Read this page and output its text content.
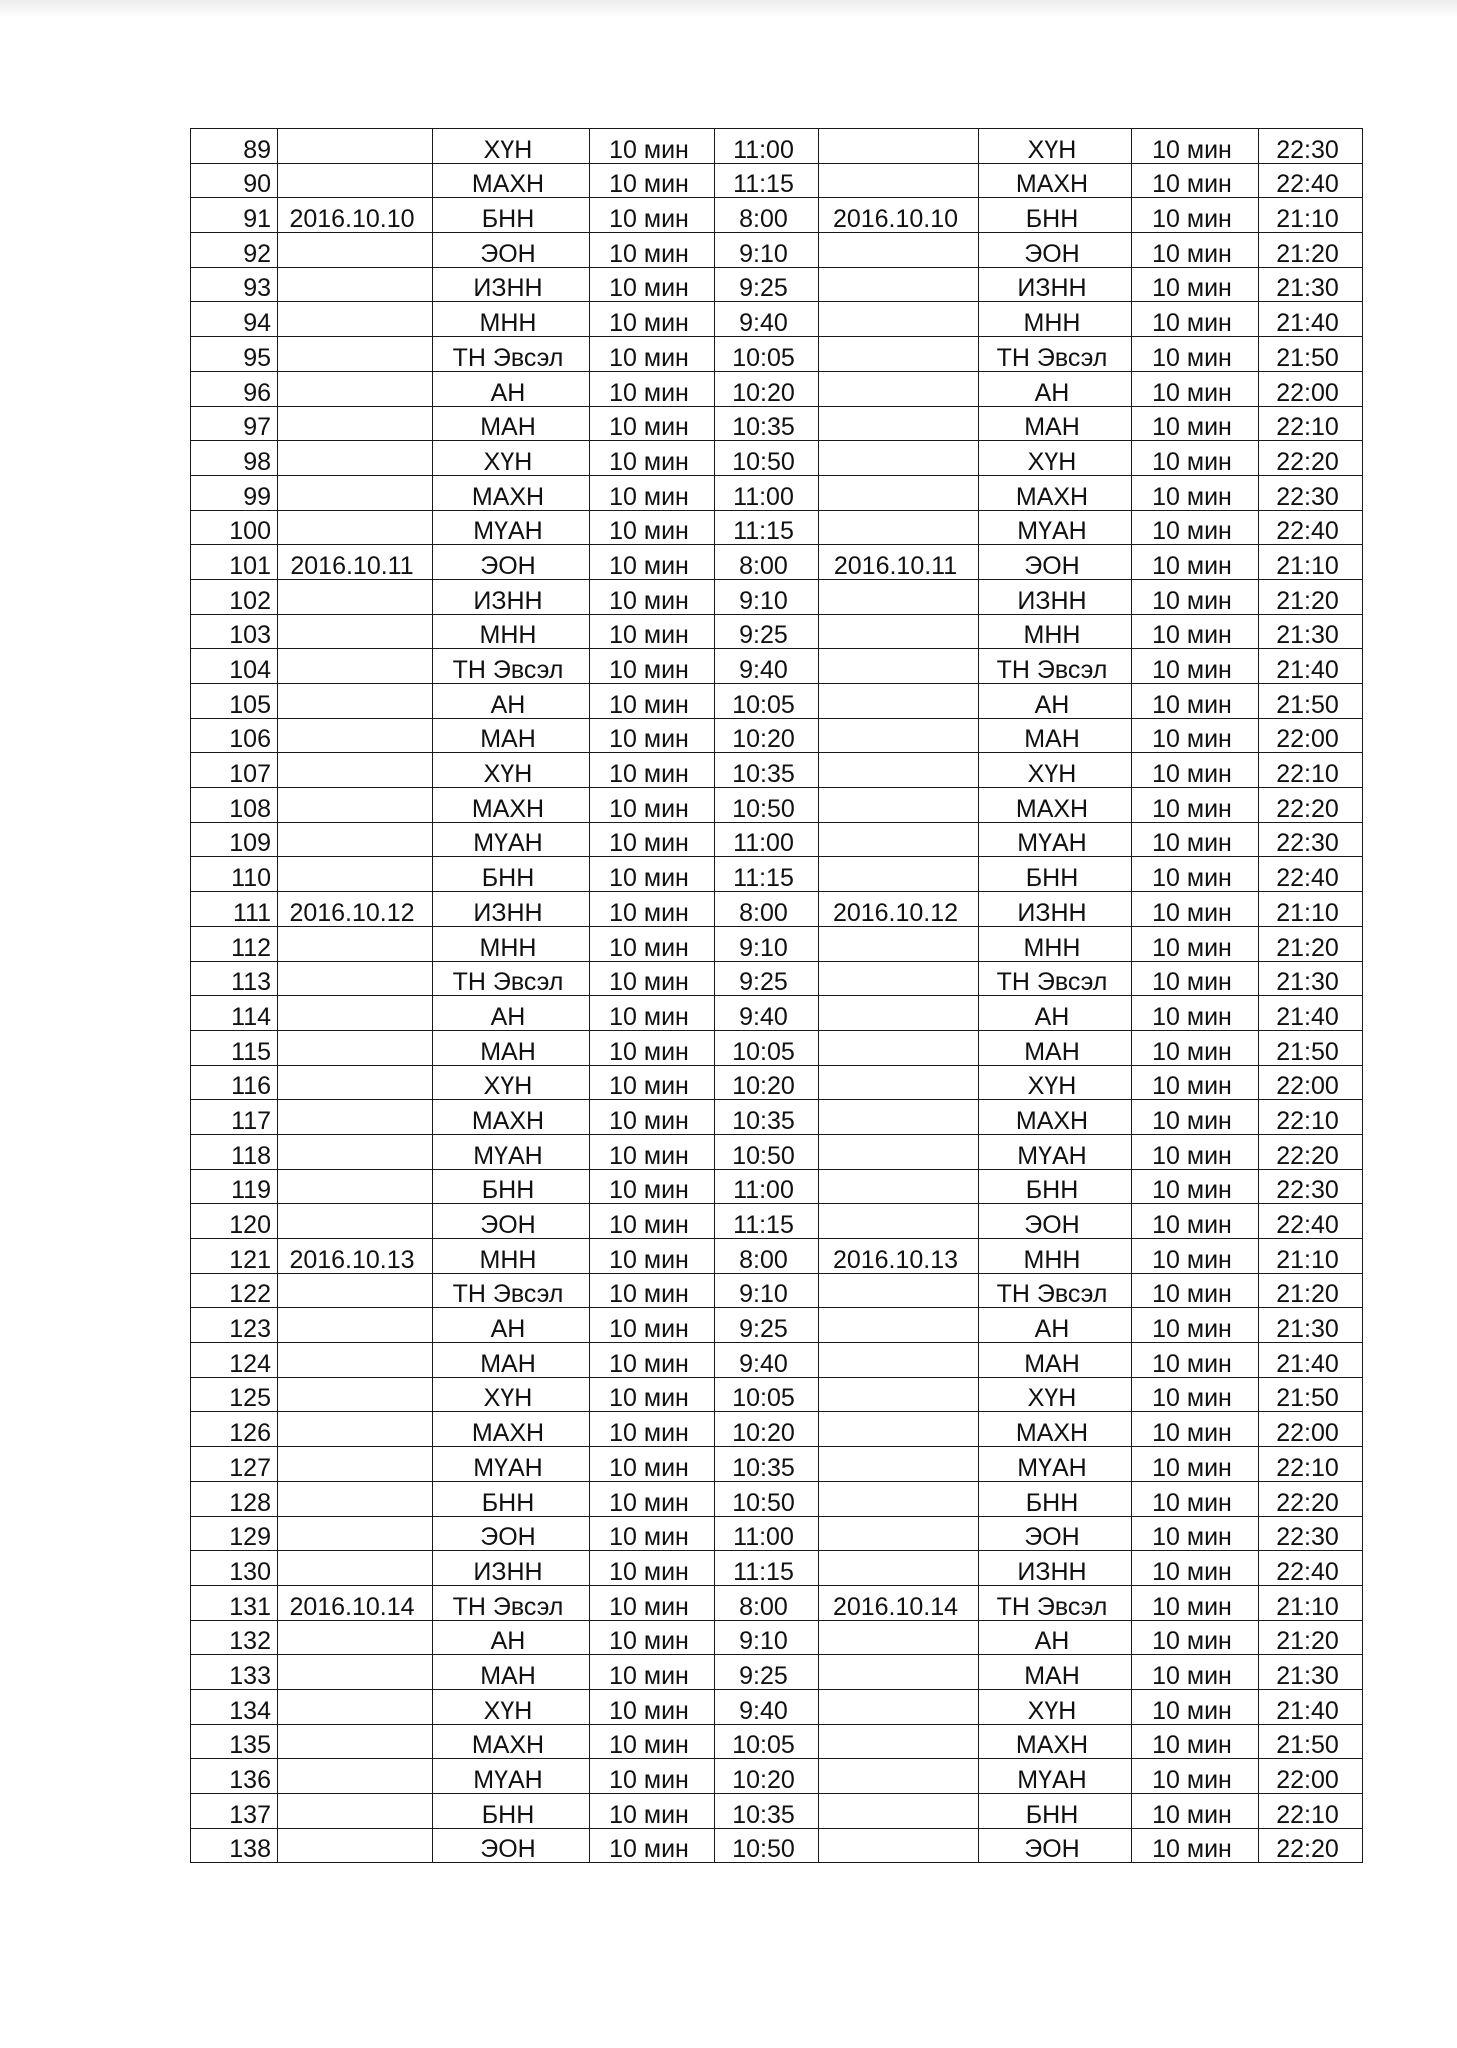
89		ХҮН	10 мин	11:00		ХҮН	10 мин	22:30
90		МАХН	10 мин	11:15		МАХН	10 мин	22:40
91	2016.10.10	БНН	10 мин	8:00	2016.10.10	БНН	10 мин	21:10
92		ЭОН	10 мин	9:10		ЭОН	10 мин	21:20
93		ИЗНН	10 мин	9:25		ИЗНН	10 мин	21:30
94		МНН	10 мин	9:40		МНН	10 мин	21:40
95		ТН Эвсэл	10 мин	10:05		ТН Эвсэл	10 мин	21:50
96		АН	10 мин	10:20		АН	10 мин	22:00
97		МАН	10 мин	10:35		МАН	10 мин	22:10
98		ХҮН	10 мин	10:50		ХҮН	10 мин	22:20
99		МАХН	10 мин	11:00		МАХН	10 мин	22:30
100		МҮАН	10 мин	11:15		МҮАН	10 мин	22:40
101	2016.10.11	ЭОН	10 мин	8:00	2016.10.11	ЭОН	10 мин	21:10
102		ИЗНН	10 мин	9:10		ИЗНН	10 мин	21:20
103		МНН	10 мин	9:25		МНН	10 мин	21:30
104		ТН Эвсэл	10 мин	9:40		ТН Эвсэл	10 мин	21:40
105		АН	10 мин	10:05		АН	10 мин	21:50
106		МАН	10 мин	10:20		МАН	10 мин	22:00
107		ХҮН	10 мин	10:35		ХҮН	10 мин	22:10
108		МАХН	10 мин	10:50		МАХН	10 мин	22:20
109		МҮАН	10 мин	11:00		МҮАН	10 мин	22:30
110		БНН	10 мин	11:15		БНН	10 мин	22:40
111	2016.10.12	ИЗНН	10 мин	8:00	2016.10.12	ИЗНН	10 мин	21:10
112		МНН	10 мин	9:10		МНН	10 мин	21:20
113		ТН Эвсэл	10 мин	9:25		ТН Эвсэл	10 мин	21:30
114		АН	10 мин	9:40		АН	10 мин	21:40
115		МАН	10 мин	10:05		МАН	10 мин	21:50
116		ХҮН	10 мин	10:20		ХҮН	10 мин	22:00
117		МАХН	10 мин	10:35		МАХН	10 мин	22:10
118		МҮАН	10 мин	10:50		МҮАН	10 мин	22:20
119		БНН	10 мин	11:00		БНН	10 мин	22:30
120		ЭОН	10 мин	11:15		ЭОН	10 мин	22:40
121	2016.10.13	МНН	10 мин	8:00	2016.10.13	МНН	10 мин	21:10
122		ТН Эвсэл	10 мин	9:10		ТН Эвсэл	10 мин	21:20
123		АН	10 мин	9:25		АН	10 мин	21:30
124		МАН	10 мин	9:40		МАН	10 мин	21:40
125		ХҮН	10 мин	10:05		ХҮН	10 мин	21:50
126		МАХН	10 мин	10:20		МАХН	10 мин	22:00
127		МҮАН	10 мин	10:35		МҮАН	10 мин	22:10
128		БНН	10 мин	10:50		БНН	10 мин	22:20
129		ЭОН	10 мин	11:00		ЭОН	10 мин	22:30
130		ИЗНН	10 мин	11:15		ИЗНН	10 мин	22:40
131	2016.10.14	ТН Эвсэл	10 мин	8:00	2016.10.14	ТН Эвсэл	10 мин	21:10
132		АН	10 мин	9:10		АН	10 мин	21:20
133		МАН	10 мин	9:25		МАН	10 мин	21:30
134		ХҮН	10 мин	9:40		ХҮН	10 мин	21:40
135		МАХН	10 мин	10:05		МАХН	10 мин	21:50
136		МҮАН	10 мин	10:20		МҮАН	10 мин	22:00
137		БНН	10 мин	10:35		БНН	10 мин	22:10
138		ЭОН	10 мин	10:50		ЭОН	10 мин	22:20
